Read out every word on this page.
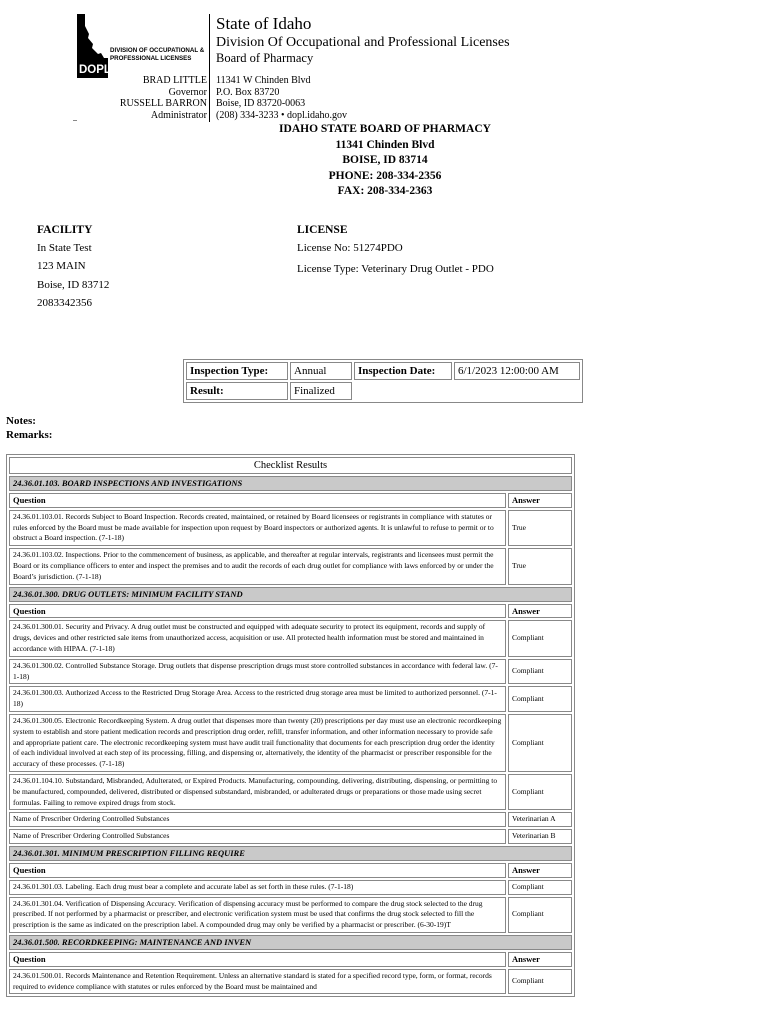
DOPL
DIVISION OF OCCUPATIONAL &
PROFESSIONAL LICENSES
State of Idaho
Division Of Occupational and Professional Licenses
Board of Pharmacy
BRAD LITTLE
Governor
RUSSELL BARRON
Administrator
11341 W Chinden Blvd
P.O. Box 83720
Boise, ID 83720-0063
(208) 334-3233 • dopl.idaho.gov
IDAHO STATE BOARD OF PHARMACY
11341 Chinden Blvd
BOISE, ID 83714
PHONE: 208-334-2356
FAX: 208-334-2363
FACILITY
In State Test
123 MAIN
Boise, ID 83712
2083342356
LICENSE
License No: 51274PDO
License Type: Veterinary Drug Outlet - PDO
Inspection Type:	Annual	Inspection Date:	6/1/2023 12:00:00 AM
Result:	Finalized		
Notes:
Remarks:
Checklist Results	
24.36.01.103. BOARD INSPECTIONS AND INVESTIGATIONS	
Question	Answer
24.36.01.103.01. Records Subject to Board Inspection. Records created, maintained, or retained by Board licensees or registrants in compliance with statutes or rules enforced by the Board must be made available for inspection upon request by Board inspectors or authorized agents. It is unlawful to refuse to permit or to obstruct a Board inspection. (7-1-18)	True
24.36.01.103.02. Inspections. Prior to the commencement of business, as applicable, and thereafter at regular intervals, registrants and licensees must permit the Board or its compliance officers to enter and inspect the premises and to audit the records of each drug outlet for compliance with laws enforced by or under the Board’s jurisdiction. (7-1-18)	True
24.36.01.300. DRUG OUTLETS: MINIMUM FACILITY STAND	
Question	Answer
24.36.01.300.01. Security and Privacy. A drug outlet must be constructed and equipped with adequate security to protect its equipment, records and supply of drugs, devices and other restricted sale items from unauthorized access, acquisition or use. All protected health information must be stored and maintained in accordance with HIPAA. (7-1-18)	Compliant
24.36.01.300.02. Controlled Substance Storage. Drug outlets that dispense prescription drugs must store controlled substances in accordance with federal law. (7-1-18)	Compliant
24.36.01.300.03. Authorized Access to the Restricted Drug Storage Area. Access to the restricted drug storage area must be limited to authorized personnel. (7-1-18)	Compliant
24.36.01.300.05. Electronic Recordkeeping System. A drug outlet that dispenses more than twenty (20) prescriptions per day must use an electronic recordkeeping system to establish and store patient medication records and prescription drug order, refill, transfer information, and other information necessary to provide safe and appropriate patient care. The electronic recordkeeping system must have audit trail functionality that documents for each prescription drug order the identity of each individual involved at each step of its processing, filling, and dispensing or, alternatively, the identity of the pharmacist or prescriber responsible for the accuracy of these processes. (7-1-18)	Compliant
24.36.01.104.10. Substandard, Misbranded, Adulterated, or Expired Products. Manufacturing, compounding, delivering, distributing, dispensing, or permitting to be manufactured, compounded, delivered, distributed or dispensed substandard, misbranded, or adulterated drugs or preparations or those made using secret formulas. Failing to remove expired drugs from stock.	Compliant
Name of Prescriber Ordering Controlled Substances	Veterinarian A
Name of Prescriber Ordering Controlled Substances	Veterinarian B
24.36.01.301. MINIMUM PRESCRIPTION FILLING REQUIRE	
Question	Answer
24.36.01.301.03. Labeling. Each drug must bear a complete and accurate label as set forth in these rules. (7-1-18)	Compliant
24.36.01.301.04. Verification of Dispensing Accuracy. Verification of dispensing accuracy must be performed to compare the drug stock selected to the drug prescribed. If not performed by a pharmacist or prescriber, and electronic verification system must be used that confirms the drug stock selected to fill the prescription is the same as indicated on the prescription label. A compounded drug may only be verified by a pharmacist or prescriber. (6-30-19)T	Compliant
24.36.01.500. RECORDKEEPING: MAINTENANCE AND INVEN	
Question	Answer
24.36.01.500.01. Records Maintenance and Retention Requirement. Unless an alternative standard is stated for a specified record type, form, or format, records required to evidence compliance with statutes or rules enforced by the Board must be maintained and	Compliant
